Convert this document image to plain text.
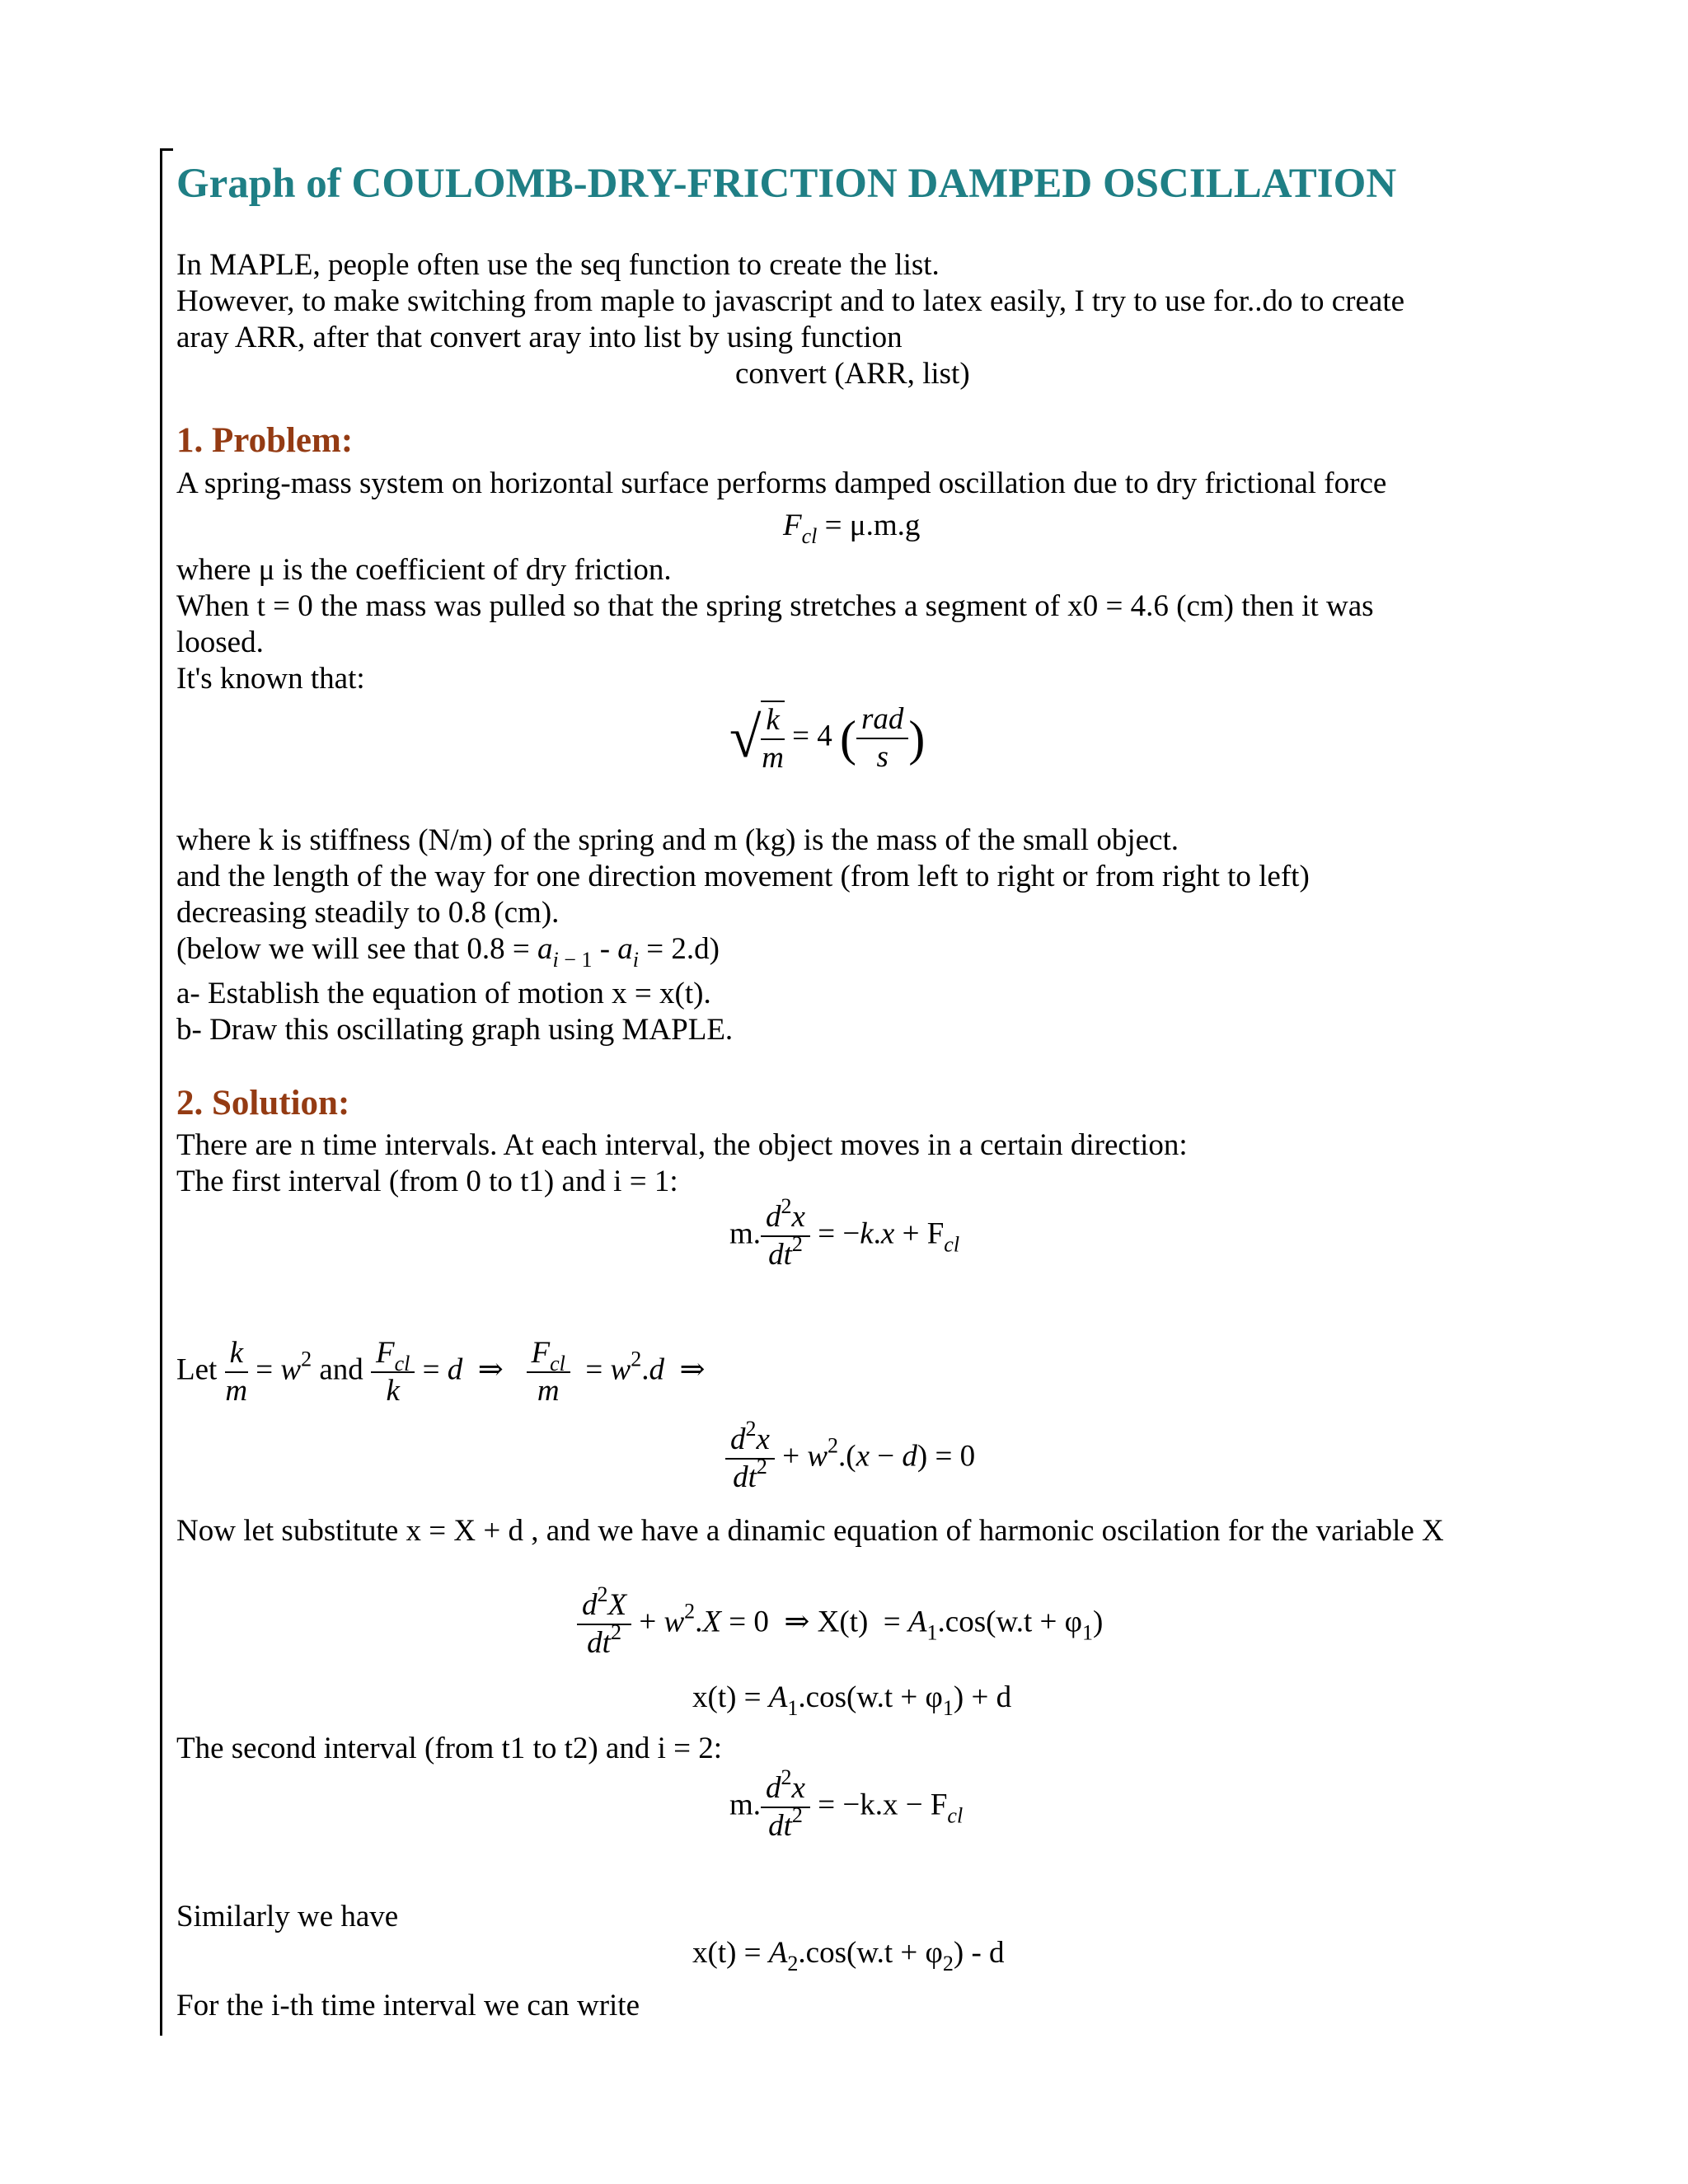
Graph of COULOMB-DRY-FRICTION DAMPED OSCILLATION

In MAPLE, people often use the seq function to create the list.

However, to make switching from maple to javascript and to latex easily, I try to use for..do to create

aray ARR, after that convert aray into list by using function

convert (ARR, list)

1. Problem:

A spring-mass system on horizontal surface performs damped oscillation due to dry frictional force

$F_{cl} = \mu.m.g$

where μ is the coefficient of dry friction.

When t = 0 the mass was pulled so that the spring stretches a segment of x0 = 4.6 (cm) then it was

loosed.

It's known that:

√ $\frac{k}{m} = 4$ ( $\frac{\text{rad}}{s}$ )

where k is stiffness (N/m) of the spring and m (kg) is the mass of the small object.

and the length of the way for one direction movement (from left to right or from right to left)

decreasing steadily to 0.8 (cm).

(below we will see that $0.8 = a_{i - 1} - a_i = 2.d$)

a- Establish the equation of motion x = x(t).

b- Draw this oscillating graph using MAPLE.

2. Solution:

There are n time intervals. At each interval, the object moves in a certain direction:

The first interval (from 0 to t1) and i = 1:

m. $\frac{d^2x}{dt^2} = -k.x + F_{cl}$
Let $\frac{k}{m} = w^2$ and $\frac{F_{cl}}{k} = d$  ⇒ $\frac{F_{cl}}{m} = w^2.d$  ⇒
$\frac{d^2x}{dt^2} + w^2.(x - d) = 0$

Now let substitute x = X + d , and we have a dinamic equation of harmonic oscilation for the variable X

$\frac{d^2X}{dt^2} + w^2.X = 0$  ⇒ $X(t) = A_1.\cos(w.t + \varphi_1)$
$x(t) = A_1.\cos(w.t + \varphi_1) + d$

The second interval (from t1 to t2) and i = 2:

m. $\frac{d^2x}{dt^2} = -k.x - F_{cl}$

Similarly we have

$x(t) = A_2.\cos(w.t + \varphi_2) - d$

For the i-th time interval we can write
